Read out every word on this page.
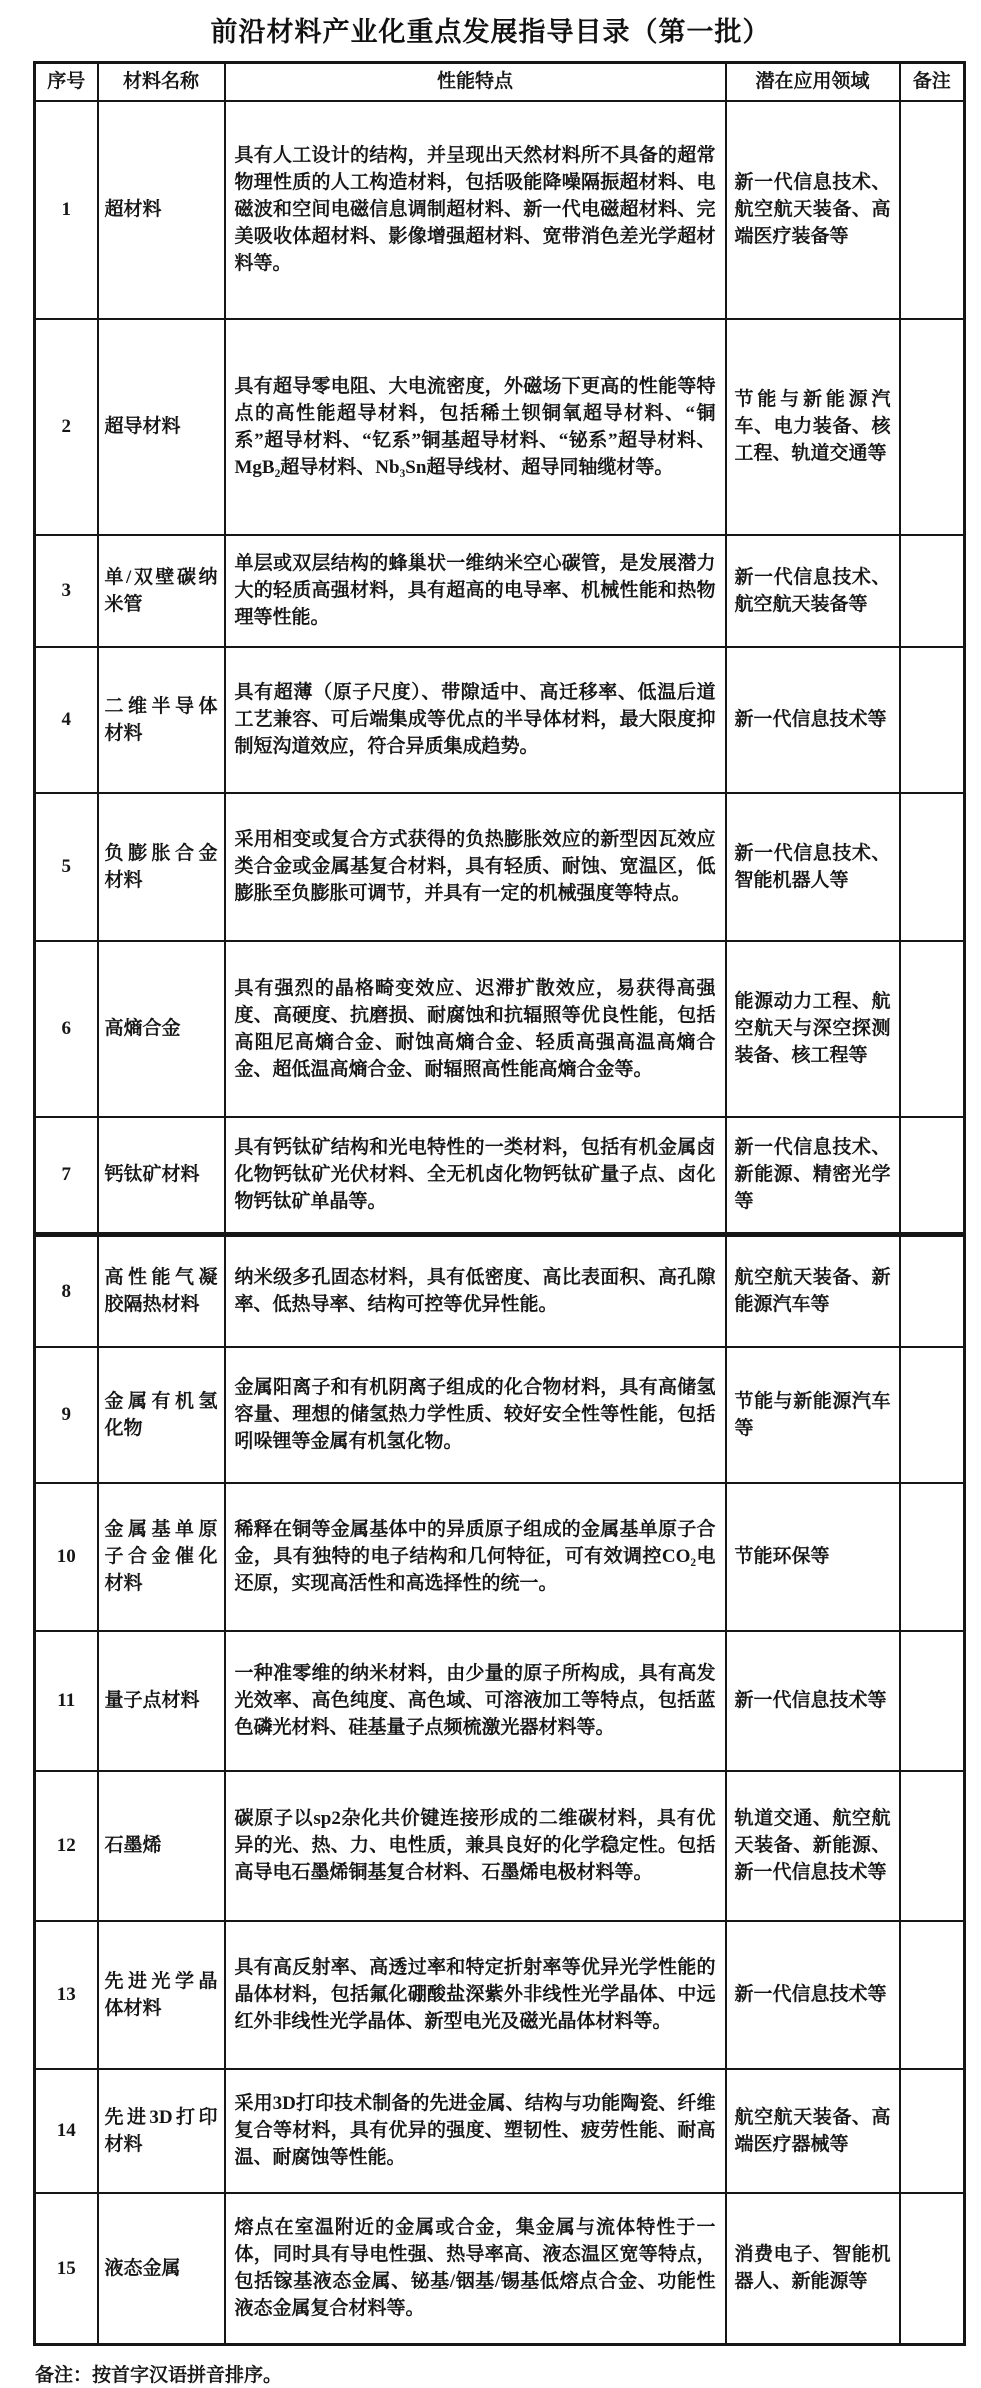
前沿材料产业化重点发展指导目录（第一批）
序号	材料名称	性能特点	潜在应用领域	备注
1	超材料	具有人工设计的结构，并呈现出天然材料所不具备的超常物理性质的人工构造材料，包括吸能降噪隔振超材料、电磁波和空间电磁信息调制超材料、新一代电磁超材料、完美吸收体超材料、影像增强超材料、宽带消色差光学超材料等。	新一代信息技术、航空航天装备、高端医疗装备等	
2	超导材料	具有超导零电阻、大电流密度，外磁场下更高的性能等特点的高性能超导材料，包括稀土钡铜氧超导材料、“铜系”超导材料、“钇系”铜基超导材料、“铋系”超导材料、MgB₂超导材料、Nb₃Sn超导线材、超导同轴缆材等。	节能与新能源汽车、电力装备、核工程、轨道交通等	
3	单/双壁碳纳米管	单层或双层结构的蜂巢状一维纳米空心碳管，是发展潜力大的轻质高强材料，具有超高的电导率、机械性能和热物理等性能。	新一代信息技术、航空航天装备等	
4	二维半导体材料	具有超薄（原子尺度）、带隙适中、高迁移率、低温后道工艺兼容、可后端集成等优点的半导体材料，最大限度抑制短沟道效应，符合异质集成趋势。	新一代信息技术等	
5	负膨胀合金材料	采用相变或复合方式获得的负热膨胀效应的新型因瓦效应类合金或金属基复合材料，具有轻质、耐蚀、宽温区，低膨胀至负膨胀可调节，并具有一定的机械强度等特点。	新一代信息技术、智能机器人等	
6	高熵合金	具有强烈的晶格畸变效应、迟滞扩散效应，易获得高强度、高硬度、抗磨损、耐腐蚀和抗辐照等优良性能，包括高阻尼高熵合金、耐蚀高熵合金、轻质高强高温高熵合金、超低温高熵合金、耐辐照高性能高熵合金等。	能源动力工程、航空航天与深空探测装备、核工程等	
7	钙钛矿材料	具有钙钛矿结构和光电特性的一类材料，包括有机金属卤化物钙钛矿光伏材料、全无机卤化物钙钛矿量子点、卤化物钙钛矿单晶等。	新一代信息技术、新能源、精密光学等	
8	高性能气凝胶隔热材料	纳米级多孔固态材料，具有低密度、高比表面积、高孔隙率、低热导率、结构可控等优异性能。	航空航天装备、新能源汽车等	
9	金属有机氢化物	金属阳离子和有机阴离子组成的化合物材料，具有高储氢容量、理想的储氢热力学性质、较好安全性等性能，包括吲哚锂等金属有机氢化物。	节能与新能源汽车等	
10	金属基单原子合金催化材料	稀释在铜等金属基体中的异质原子组成的金属基单原子合金，具有独特的电子结构和几何特征，可有效调控CO₂电还原，实现高活性和高选择性的统一。	节能环保等	
11	量子点材料	一种准零维的纳米材料，由少量的原子所构成，具有高发光效率、高色纯度、高色域、可溶液加工等特点，包括蓝色磷光材料、硅基量子点频梳激光器材料等。	新一代信息技术等	
12	石墨烯	碳原子以sp2杂化共价键连接形成的二维碳材料，具有优异的光、热、力、电性质，兼具良好的化学稳定性。包括高导电石墨烯铜基复合材料、石墨烯电极材料等。	轨道交通、航空航天装备、新能源、新一代信息技术等	
13	先进光学晶体材料	具有高反射率、高透过率和特定折射率等优异光学性能的晶体材料，包括氟化硼酸盐深紫外非线性光学晶体、中远红外非线性光学晶体、新型电光及磁光晶体材料等。	新一代信息技术等	
14	先进3D打印材料	采用3D打印技术制备的先进金属、结构与功能陶瓷、纤维复合等材料，具有优异的强度、塑韧性、疲劳性能、耐高温、耐腐蚀等性能。	航空航天装备、高端医疗器械等	
15	液态金属	熔点在室温附近的金属或合金，集金属与流体特性于一体，同时具有导电性强、热导率高、液态温区宽等特点，包括镓基液态金属、铋基/铟基/锡基低熔点合金、功能性液态金属复合材料等。	消费电子、智能机器人、新能源等	
备注：按首字汉语拼音排序。
